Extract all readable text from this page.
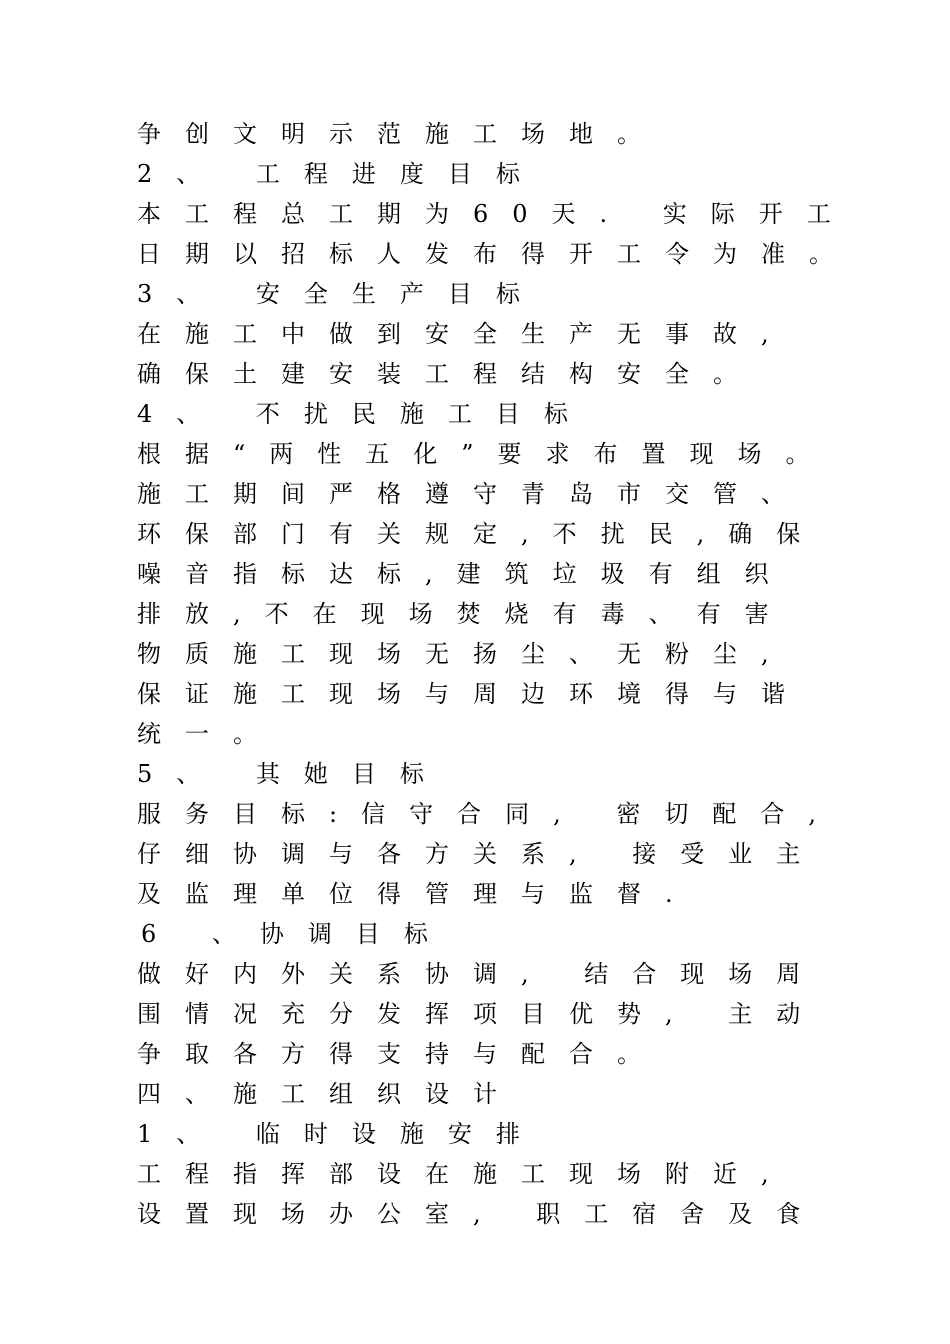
争创文明示范施工场地。
2、 工程进度目标
本工程总工期为60天. 实际开工
日期以招标人发布得开工令为准。
3、 安全生产目标
在施工中做到安全生产无事故,
确保土建安装工程结构安全。
4、 不扰民施工目标
根据“两性五化”要求布置现场。
施工期间严格遵守青岛市交管、
环保部门有关规定,不扰民,确保
噪音指标达标,建筑垃圾有组织
排放,不在现场焚烧有毒、有害
物质施工现场无扬尘、无粉尘,
保证施工现场与周边环境得与谐
统一。
5、 其她目标
服务目标:信守合同, 密切配合,
仔细协调与各方关系, 接受业主
及监理单位得管理与监督.
6 、协调目标
做好内外关系协调, 结合现场周
围情况充分发挥项目优势, 主动
争取各方得支持与配合。
四、施工组织设计
1、 临时设施安排
工程指挥部设在施工现场附近,
设置现场办公室, 职工宿舍及食
